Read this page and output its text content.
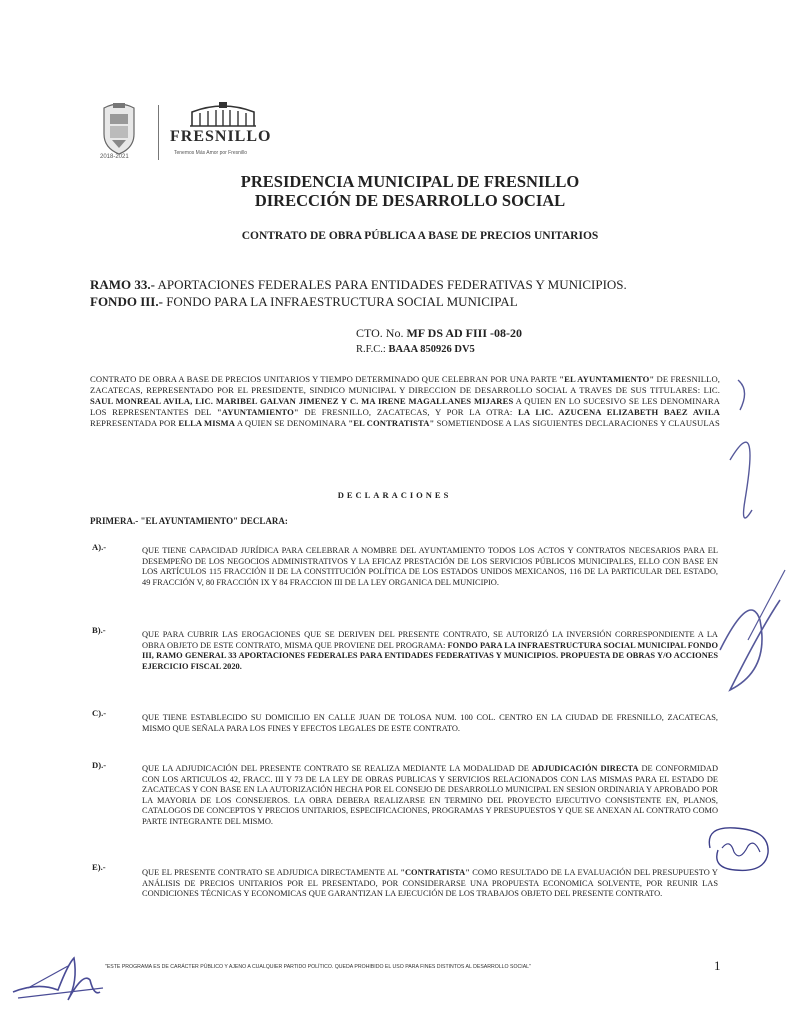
2018-2021
FRESNILLO
Tenemos Más Amor por Fresnillo
PRESIDENCIA MUNICIPAL DE FRESNILLO
DIRECCIÓN DE DESARROLLO SOCIAL
CONTRATO DE OBRA PÚBLICA A BASE DE PRECIOS UNITARIOS
RAMO 33.- APORTACIONES FEDERALES PARA ENTIDADES FEDERATIVAS Y MUNICIPIOS.
FONDO III.- FONDO PARA LA INFRAESTRUCTURA SOCIAL MUNICIPAL
CTO. No. MF DS AD FIII -08-20
R.F.C.: BAAA 850926 DV5
CONTRATO DE OBRA A BASE DE PRECIOS UNITARIOS Y TIEMPO DETERMINADO QUE CELEBRAN POR UNA PARTE "EL AYUNTAMIENTO" DE FRESNILLO, ZACATECAS, REPRESENTADO POR EL PRESIDENTE, SINDICO MUNICIPAL Y DIRECCION DE DESARROLLO SOCIAL A TRAVES DE SUS TITULARES: LIC. SAUL MONREAL AVILA, LIC. MARIBEL GALVAN JIMENEZ Y C. MA IRENE MAGALLANES MIJARES A QUIEN EN LO SUCESIVO SE LES DENOMINARA LOS REPRESENTANTES DEL "AYUNTAMIENTO" DE FRESNILLO, ZACATECAS, Y POR LA OTRA: LA LIC. AZUCENA ELIZABETH BAEZ AVILA REPRESENTADA POR ELLA MISMA A QUIEN SE DENOMINARA "EL CONTRATISTA" SOMETIENDOSE A LAS SIGUIENTES DECLARACIONES Y CLAUSULAS
DECLARACIONES
PRIMERA.- "EL AYUNTAMIENTO" DECLARA:
A).-	QUE TIENE CAPACIDAD JURÍDICA PARA CELEBRAR A NOMBRE DEL AYUNTAMIENTO TODOS LOS ACTOS Y CONTRATOS NECESARIOS PARA EL DESEMPEÑO DE LOS NEGOCIOS ADMINISTRATIVOS Y LA EFICAZ PRESTACIÓN DE LOS SERVICIOS PÚBLICOS MUNICIPALES, ELLO CON BASE EN LOS ARTÍCULOS 115 FRACCIÓN II DE LA CONSTITUCIÓN POLÍTICA DE LOS ESTADOS UNIDOS MEXICANOS, 116 DE LA PARTICULAR DEL ESTADO, 49 FRACCIÓN V, 80 FRACCIÓN IX Y 84 FRACCION III DE LA LEY ORGANICA DEL MUNICIPIO.
B).-	QUE PARA CUBRIR LAS EROGACIONES QUE SE DERIVEN DEL PRESENTE CONTRATO, SE AUTORIZÓ LA INVERSIÓN CORRESPONDIENTE A LA OBRA OBJETO DE ESTE CONTRATO, MISMA QUE PROVIENE DEL PROGRAMA: FONDO PARA LA INFRAESTRUCTURA SOCIAL MUNICIPAL FONDO III, RAMO GENERAL 33 APORTACIONES FEDERALES PARA ENTIDADES FEDERATIVAS Y MUNICIPIOS. PROPUESTA DE OBRAS Y/O ACCIONES EJERCICIO FISCAL 2020.
C).-	QUE TIENE ESTABLECIDO SU DOMICILIO EN CALLE JUAN DE TOLOSA NUM. 100 COL. CENTRO EN LA CIUDAD DE FRESNILLO, ZACATECAS, MISMO QUE SEÑALA PARA LOS FINES Y EFECTOS LEGALES DE ESTE CONTRATO.
D).-	QUE LA ADJUDICACIÓN DEL PRESENTE CONTRATO SE REALIZA MEDIANTE LA MODALIDAD DE ADJUDICACIÓN DIRECTA DE CONFORMIDAD CON LOS ARTICULOS 42, FRACC. III Y 73 DE LA LEY DE OBRAS PUBLICAS Y SERVICIOS RELACIONADOS CON LAS MISMAS PARA EL ESTADO DE ZACATECAS Y CON BASE EN LA AUTORIZACIÓN HECHA POR EL CONSEJO DE DESARROLLO MUNICIPAL EN SESION ORDINARIA Y APROBADO POR LA MAYORIA DE LOS CONSEJEROS. LA OBRA DEBERA REALIZARSE EN TERMINO DEL PROYECTO EJECUTIVO CONSISTENTE EN, PLANOS, CATALOGOS DE CONCEPTOS Y PRECIOS UNITARIOS, ESPECIFICACIONES, PROGRAMAS Y PRESUPUESTOS Y QUE SE ANEXAN AL CONTRATO COMO PARTE INTEGRANTE DEL MISMO.
E).-
QUE EL PRESENTE CONTRATO SE ADJUDICA DIRECTAMENTE AL "CONTRATISTA" COMO RESULTADO DE LA EVALUACIÓN DEL PRESUPUESTO Y ANÁLISIS DE PRECIOS UNITARIOS POR EL PRESENTADO, POR CONSIDERARSE UNA PROPUESTA ECONOMICA SOLVENTE, POR REUNIR LAS CONDICIONES TÉCNICAS Y ECONOMICAS QUE GARANTIZAN LA EJECUCIÓN DE LOS TRABAJOS OBJETO DEL PRESENTE CONTRATO.
"ESTE PROGRAMA ES DE CARÁCTER PÚBLICO Y AJENO A CUALQUIER PARTIDO POLÍTICO. QUEDA PROHIBIDO EL USO PARA FINES DISTINTOS AL DESARROLLO SOCIAL"	1
